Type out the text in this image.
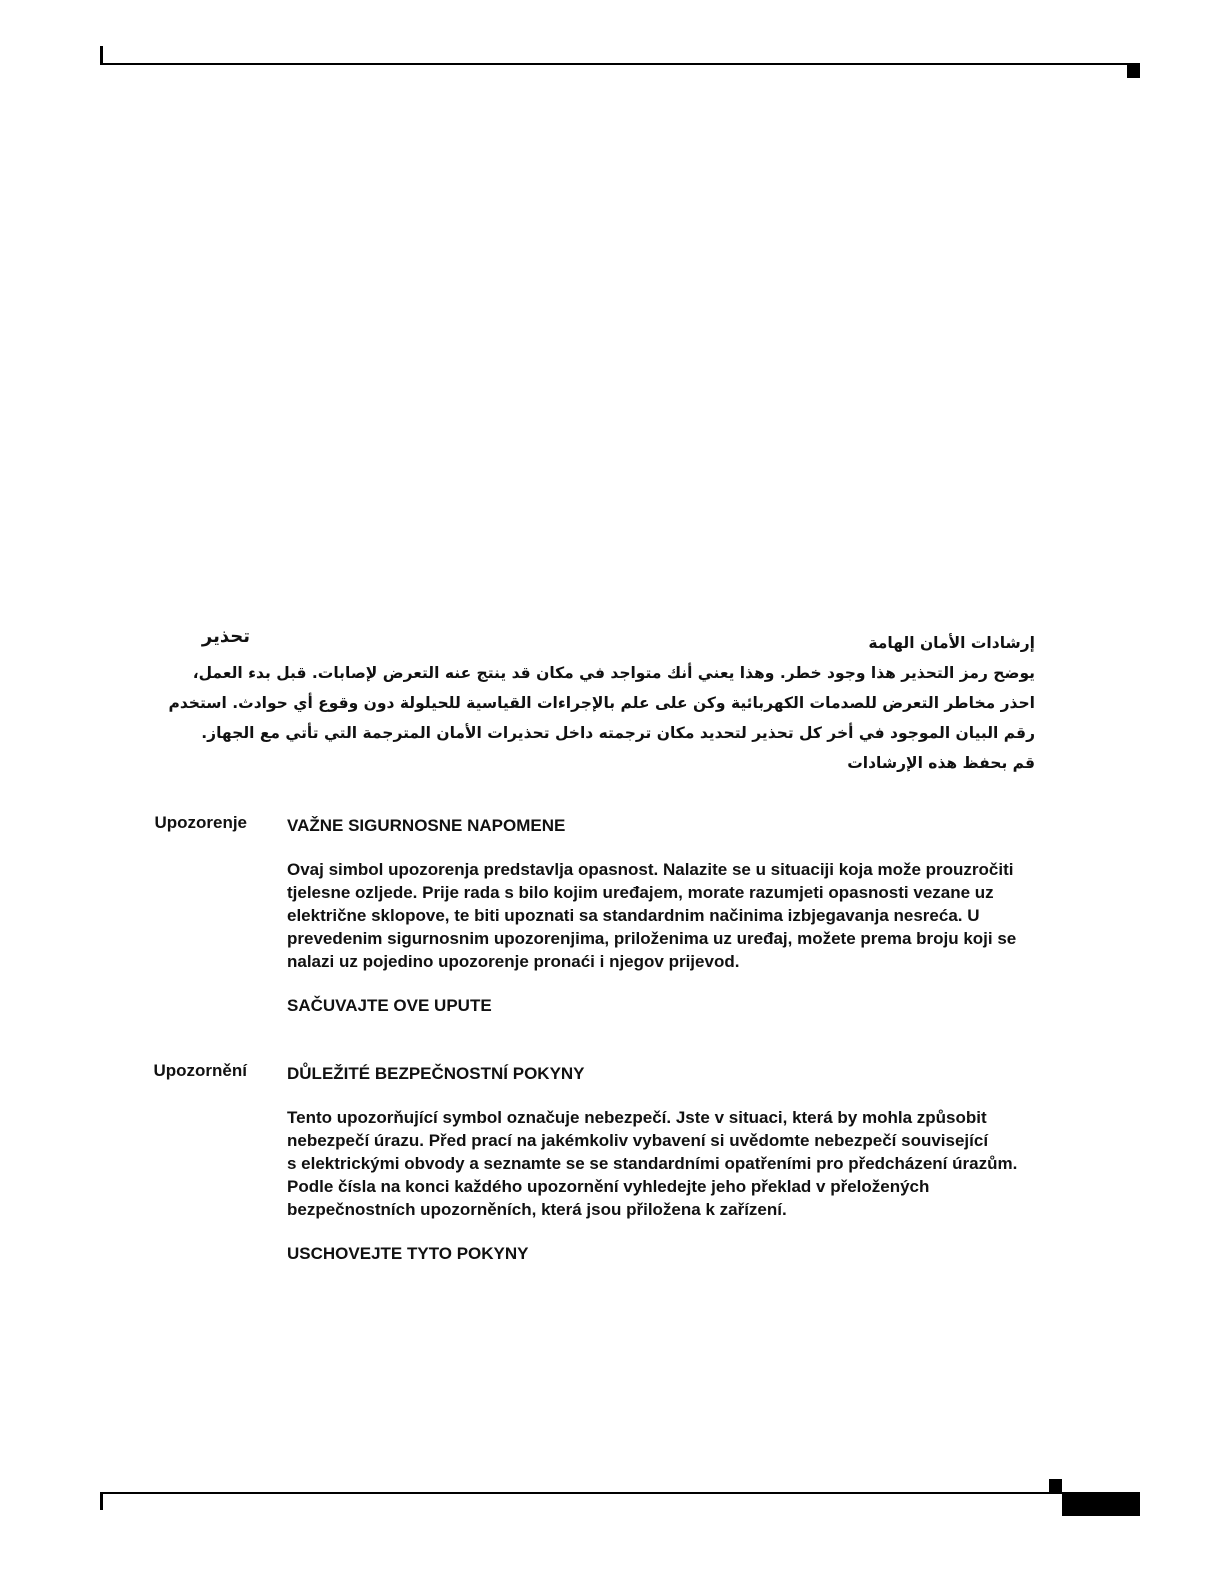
تحذير	إرشادات الأمان الهامة
يوضح رمز التحذير هذا وجود خطر. وهذا يعني أنك متواجد في مكان قد ينتج عنه التعرض لإصابات. قبل بدء العمل،
احذر مخاطر التعرض للصدمات الكهربائية وكن على علم بالإجراءات القياسية للحيلولة دون وقوع أي حوادث. استخدم
رقم البيان الموجود في أخر كل تحذير لتحديد مكان ترجمته داخل تحذيرات الأمان المترجمة التي تأتي مع الجهاز.
قم بحفظ هذه الإرشادات
Upozorenje VAŽNE SIGURNOSNE NAPOMENE
Ovaj simbol upozorenja predstavlja opasnost. Nalazite se u situaciji koja može prouzročiti
tjelesne ozljede. Prije rada s bilo kojim uređajem, morate razumjeti opasnosti vezane uz
električne sklopove, te biti upoznati sa standardnim načinima izbjegavanja nesreća. U
prevedenim sigurnosnim upozorenjima, priloženima uz uređaj, možete prema broju koji se
nalazi uz pojedino upozorenje pronaći i njegov prijevod.
SAČUVAJTE OVE UPUTE
Upozornění DŮLEŽITÉ BEZPEČNOSTNÍ POKYNY
Tento upozorňující symbol označuje nebezpečí. Jste v situaci, která by mohla způsobit
nebezpečí úrazu. Před prací na jakémkoliv vybavení si uvědomte nebezpečí související
s elektrickými obvody a seznamte se se standardními opatřeními pro předcházení úrazům.
Podle čísla na konci každého upozornění vyhledejte jeho překlad v přeložených
bezpečnostních upozorněních, která jsou přiložena k zařízení.
USCHOVEJTE TYTO POKYNY
